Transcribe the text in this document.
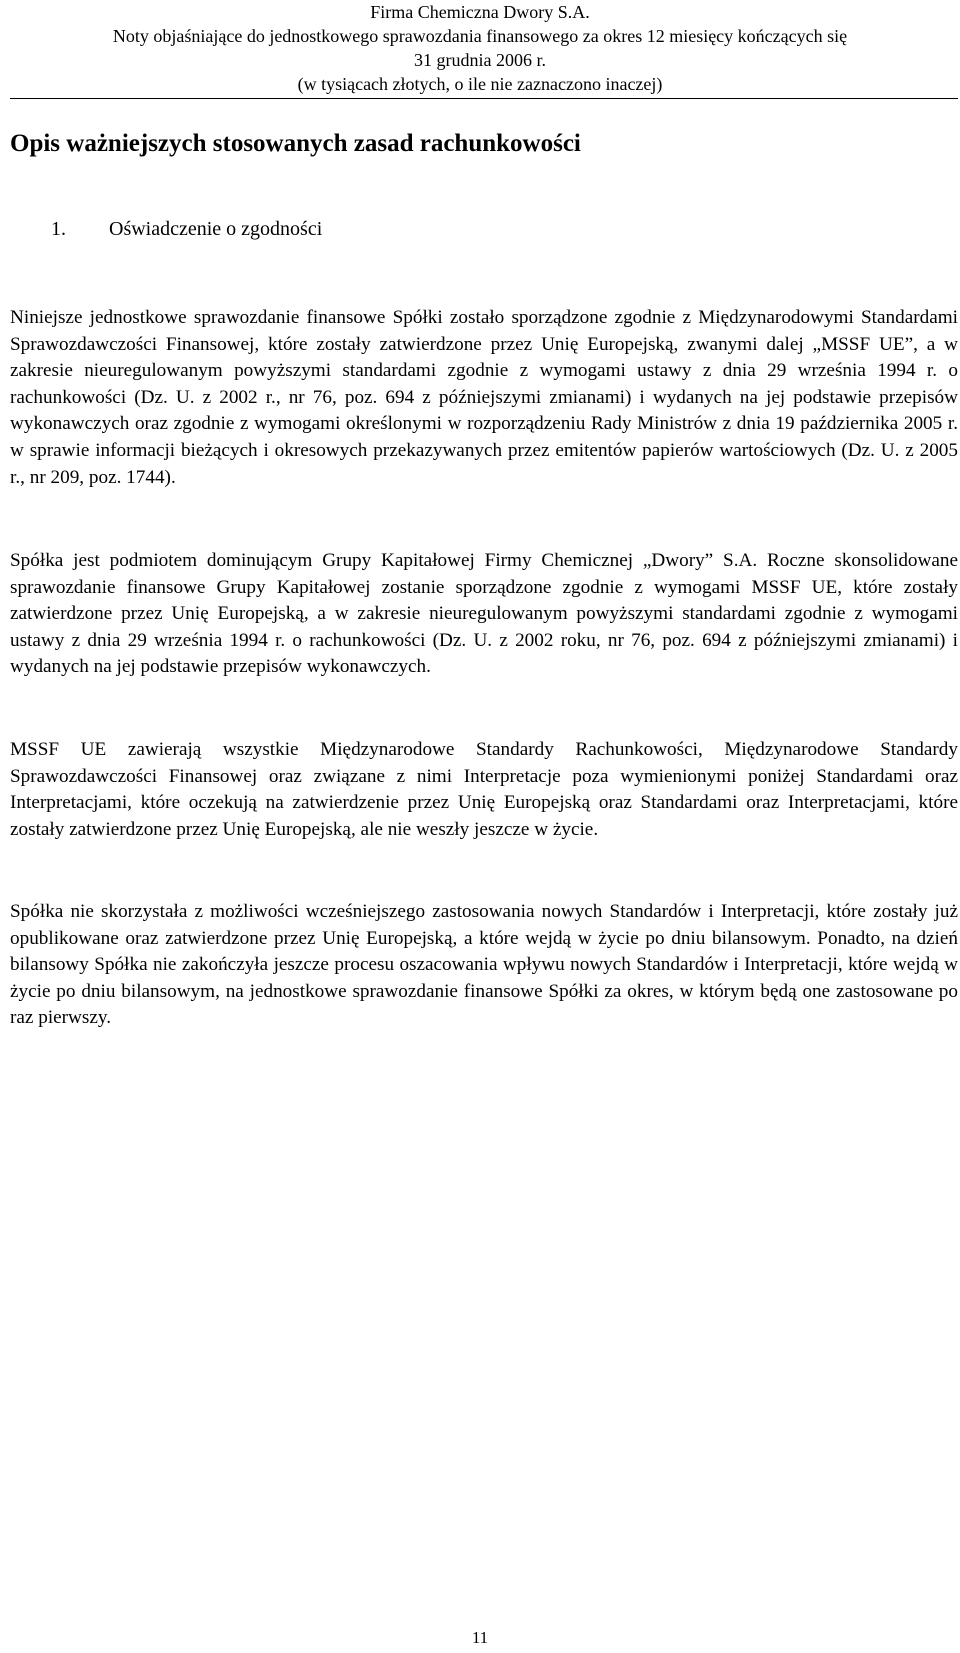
Firma Chemiczna Dwory S.A.
Noty objaśniające do jednostkowego sprawozdania finansowego za okres 12 miesięcy kończących się
31 grudnia 2006 r.
(w tysiącach złotych, o ile nie zaznaczono inaczej)
Opis ważniejszych stosowanych zasad rachunkowości
1. Oświadczenie o zgodności

Niniejsze jednostkowe sprawozdanie finansowe Spółki zostało sporządzone zgodnie z Międzynarodowymi Standardami Sprawozdawczości Finansowej, które zostały zatwierdzone przez Unię Europejską, zwanymi dalej „MSSF UE”, a w zakresie nieuregulowanym powyższymi standardami zgodnie z wymogami ustawy z dnia 29 września 1994 r. o rachunkowości (Dz. U. z 2002 r., nr 76, poz. 694 z późniejszymi zmianami) i wydanych na jej podstawie przepisów wykonawczych oraz zgodnie z wymogami określonymi w rozporządzeniu Rady Ministrów z dnia 19 października 2005 r. w sprawie informacji bieżących i okresowych przekazywanych przez emitentów papierów wartościowych (Dz. U. z 2005 r., nr 209, poz. 1744).

Spółka jest podmiotem dominującym Grupy Kapitałowej Firmy Chemicznej „Dwory” S.A. Roczne skonsolidowane sprawozdanie finansowe Grupy Kapitałowej zostanie sporządzone zgodnie z wymogami MSSF UE, które zostały zatwierdzone przez Unię Europejską, a w zakresie nieuregulowanym powyższymi standardami zgodnie z wymogami ustawy z dnia 29 września 1994 r. o rachunkowości (Dz. U. z 2002 roku, nr 76, poz. 694 z późniejszymi zmianami) i wydanych na jej podstawie przepisów wykonawczych.

MSSF UE zawierają wszystkie Międzynarodowe Standardy Rachunkowości, Międzynarodowe Standardy Sprawozdawczości Finansowej oraz związane z nimi Interpretacje poza wymienionymi poniżej Standardami oraz Interpretacjami, które oczekują na zatwierdzenie przez Unię Europejską oraz Standardami oraz Interpretacjami, które zostały zatwierdzone przez Unię Europejską, ale nie weszły jeszcze w życie.

Spółka nie skorzystała z możliwości wcześniejszego zastosowania nowych Standardów i Interpretacji, które zostały już opublikowane oraz zatwierdzone przez Unię Europejską, a które wejdą w życie po dniu bilansowym. Ponadto, na dzień bilansowy Spółka nie zakończyła jeszcze procesu oszacowania wpływu nowych Standardów i Interpretacji, które wejdą w życie po dniu bilansowym, na jednostkowe sprawozdanie finansowe Spółki za okres, w którym będą one zastosowane po raz pierwszy.

11
